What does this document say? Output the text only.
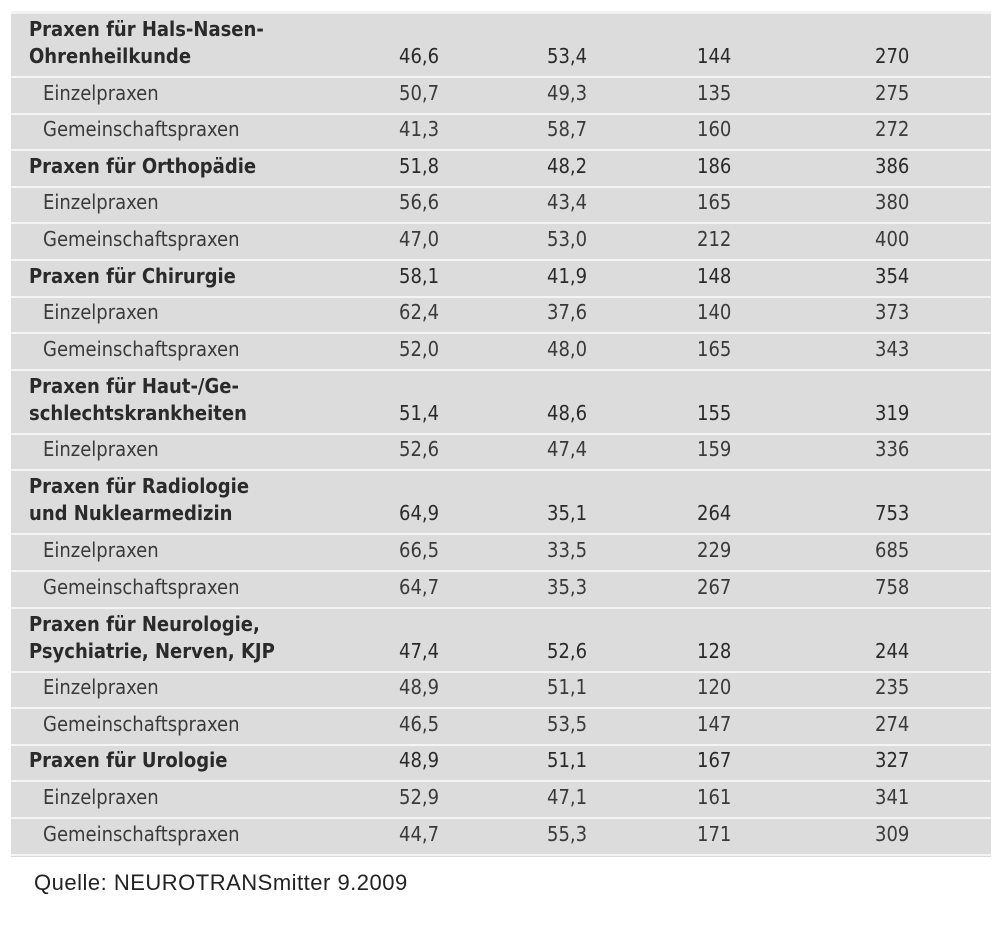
Praxen für Hals-Nasen-
Ohrenheilkunde	46,6	53,4	144	270
Einzelpraxen	50,7	49,3	135	275
Gemeinschaftspraxen	41,3	58,7	160	272
Praxen für Orthopädie	51,8	48,2	186	386
Einzelpraxen	56,6	43,4	165	380
Gemeinschaftspraxen	47,0	53,0	212	400
Praxen für Chirurgie	58,1	41,9	148	354
Einzelpraxen	62,4	37,6	140	373
Gemeinschaftspraxen	52,0	48,0	165	343
Praxen für Haut-/Ge-
schlechtskrankheiten	51,4	48,6	155	319
Einzelpraxen	52,6	47,4	159	336
Praxen für Radiologie
und Nuklearmedizin	64,9	35,1	264	753
Einzelpraxen	66,5	33,5	229	685
Gemeinschaftspraxen	64,7	35,3	267	758
Praxen für Neurologie,
Psychiatrie, Nerven, KJP	47,4	52,6	128	244
Einzelpraxen	48,9	51,1	120	235
Gemeinschaftspraxen	46,5	53,5	147	274
Praxen für Urologie	48,9	51,1	167	327
Einzelpraxen	52,9	47,1	161	341
Gemeinschaftspraxen	44,7	55,3	171	309
Quelle: NEUROTRANSmitter 9.2009
